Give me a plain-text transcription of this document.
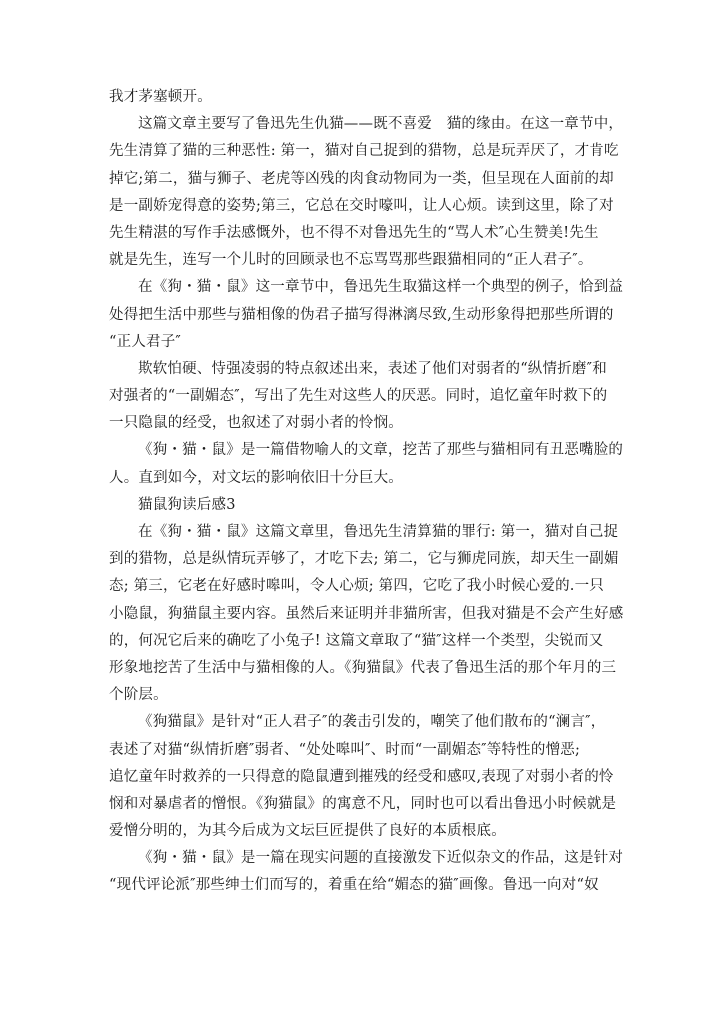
我才茅塞顿开。
这篇文章主要写了鲁迅先生仇猫——既不喜爱　猫的缘由。在这一章节中，
先生清算了猫的三种恶性: 第一，猫对自己捉到的猎物，总是玩弄厌了，才肯吃
掉它;第二，猫与狮子、老虎等凶残的肉食动物同为一类，但呈现在人面前的却
是一副娇宠得意的姿势;第三，它总在交时嚎叫，让人心烦。读到这里，除了对
先生精湛的写作手法感慨外，也不得不对鲁迅先生的“骂人术″心生赞美!先生
就是先生，连写一个儿时的回顾录也不忘骂骂那些跟猫相同的“正人君子″。
在《狗・猫・鼠》这一章节中，鲁迅先生取猫这样一个典型的例子，恰到益
处得把生活中那些与猫相像的伪君子描写得淋漓尽致,生动形象得把那些所谓的
“正人君子″
欺软怕硬、恃强凌弱的特点叙述出来，表述了他们对弱者的“纵情折磨″和
对强者的“一副媚态″，写出了先生对这些人的厌恶。同时，追忆童年时救下的
一只隐鼠的经受，也叙述了对弱小者的怜悯。
《狗・猫・鼠》是一篇借物喻人的文章，挖苦了那些与猫相同有丑恶嘴脸的
人。直到如今，对文坛的影响依旧十分巨大。
猫鼠狗读后感3
在《狗・猫・鼠》这篇文章里，鲁迅先生清算猫的罪行: 第一，猫对自己捉
到的猎物，总是纵情玩弄够了，才吃下去; 第二，它与狮虎同族，却天生一副媚
态; 第三，它老在好感时嗥叫，令人心烦; 第四，它吃了我小时候心爱的.一只
小隐鼠，狗猫鼠主要内容。虽然后来证明并非猫所害，但我对猫是不会产生好感
的，何况它后来的确吃了小兔子! 这篇文章取了“猫″这样一个类型，尖锐而又
形象地挖苦了生活中与猫相像的人。《狗猫鼠》代表了鲁迅生活的那个年月的三
个阶层。
《狗猫鼠》是针对“正人君子″的袭击引发的，嘲笑了他们散布的“澜言″，
表述了对猫“纵情折磨″弱者、“处处嗥叫″、时而“一副媚态″等特性的憎恶;
追忆童年时救养的一只得意的隐鼠遭到摧残的经受和感叹,表现了对弱小者的怜
悯和对暴虐者的憎恨。《狗猫鼠》的寓意不凡，同时也可以看出鲁迅小时候就是
爱憎分明的，为其今后成为文坛巨匠提供了良好的本质根底。
《狗・猫・鼠》是一篇在现实问题的直接激发下近似杂文的作品，这是针对
“现代评论派″那些绅士们而写的，着重在给“媚态的猫″画像。鲁迅一向对“奴
